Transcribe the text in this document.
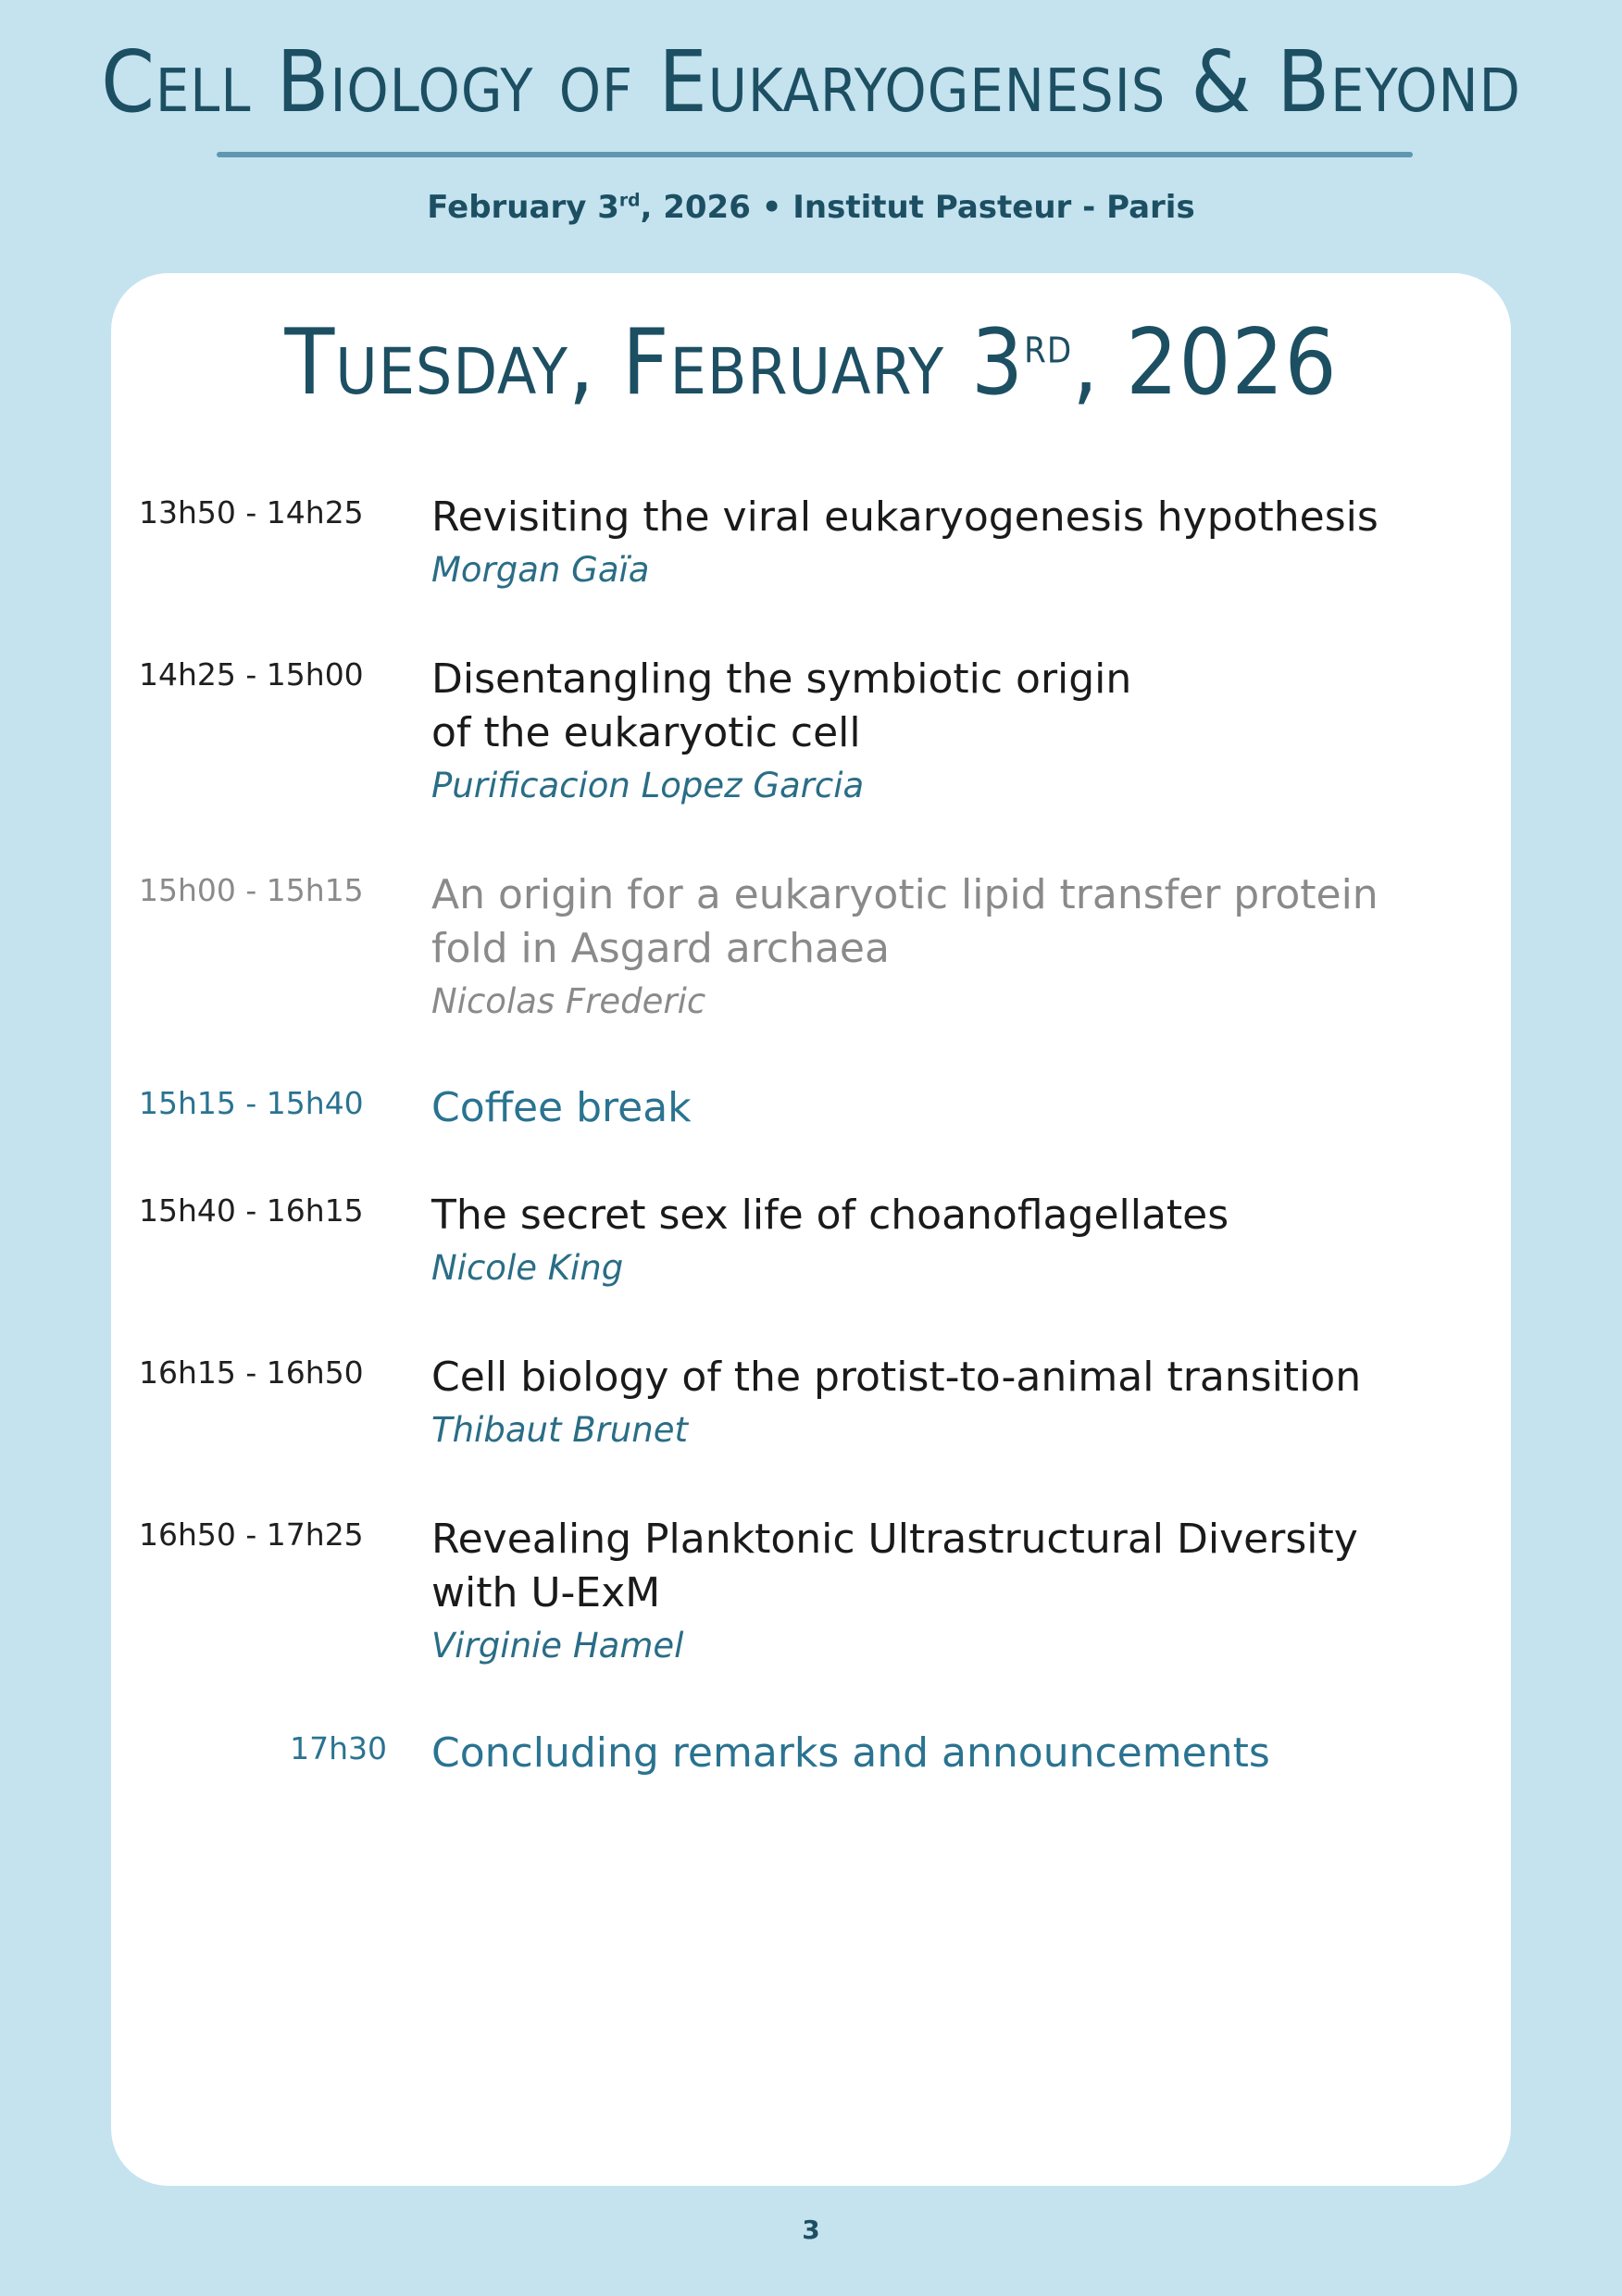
Cell Biology of Eukaryogenesis & Beyond
February 3rd, 2026 • Institut Pasteur - Paris
Tuesday, February 3rd, 2026
13h50 - 14h25	Revisiting the viral eukaryogenesis hypothesis
Morgan Gaïa
14h25 - 15h00	Disentangling the symbiotic origin
of the eukaryotic cell
Purificacion Lopez Garcia
15h00 - 15h15	An origin for a eukaryotic lipid transfer protein
fold in Asgard archaea
Nicolas Frederic
15h15 - 15h40	Coffee break
15h40 - 16h15	The secret sex life of choanoflagellates
Nicole King
16h15 - 16h50	Cell biology of the protist-to-animal transition
Thibaut Brunet
16h50 - 17h25	Revealing Planktonic Ultrastructural Diversity
with U-ExM
Virginie Hamel
17h30 Concluding remarks and announcements
3
